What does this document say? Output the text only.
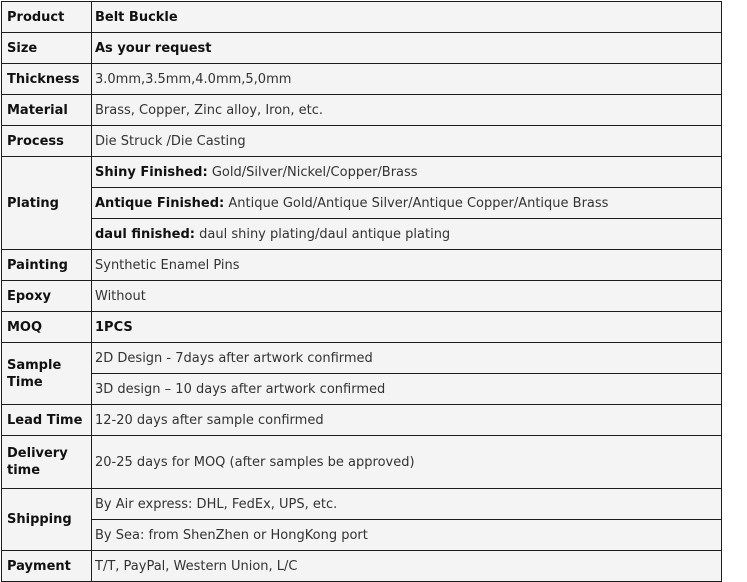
Product	Belt Buckle
Size	As your request
Thickness	3.0mm,3.5mm,4.0mm,5,0mm
Material	Brass, Copper, Zinc alloy, Iron, etc.
Process	Die Struck /Die Casting
Plating	Shiny Finished: Gold/Silver/Nickel/Copper/Brass
	Antique Finished: Antique Gold/Antique Silver/Antique Copper/Antique Brass
	daul finished: daul shiny plating/daul antique plating
Painting	Synthetic Enamel Pins
Epoxy	Without
MOQ	1PCS
Sample Time	2D Design - 7days after artwork confirmed
	3D design – 10 days after artwork confirmed
Lead Time	12-20 days after sample confirmed
Delivery time	20-25 days for MOQ (after samples be approved)
Shipping	By Air express: DHL, FedEx, UPS, etc.
	By Sea: from ShenZhen or HongKong port
Payment	T/T, PayPal, Western Union, L/C
